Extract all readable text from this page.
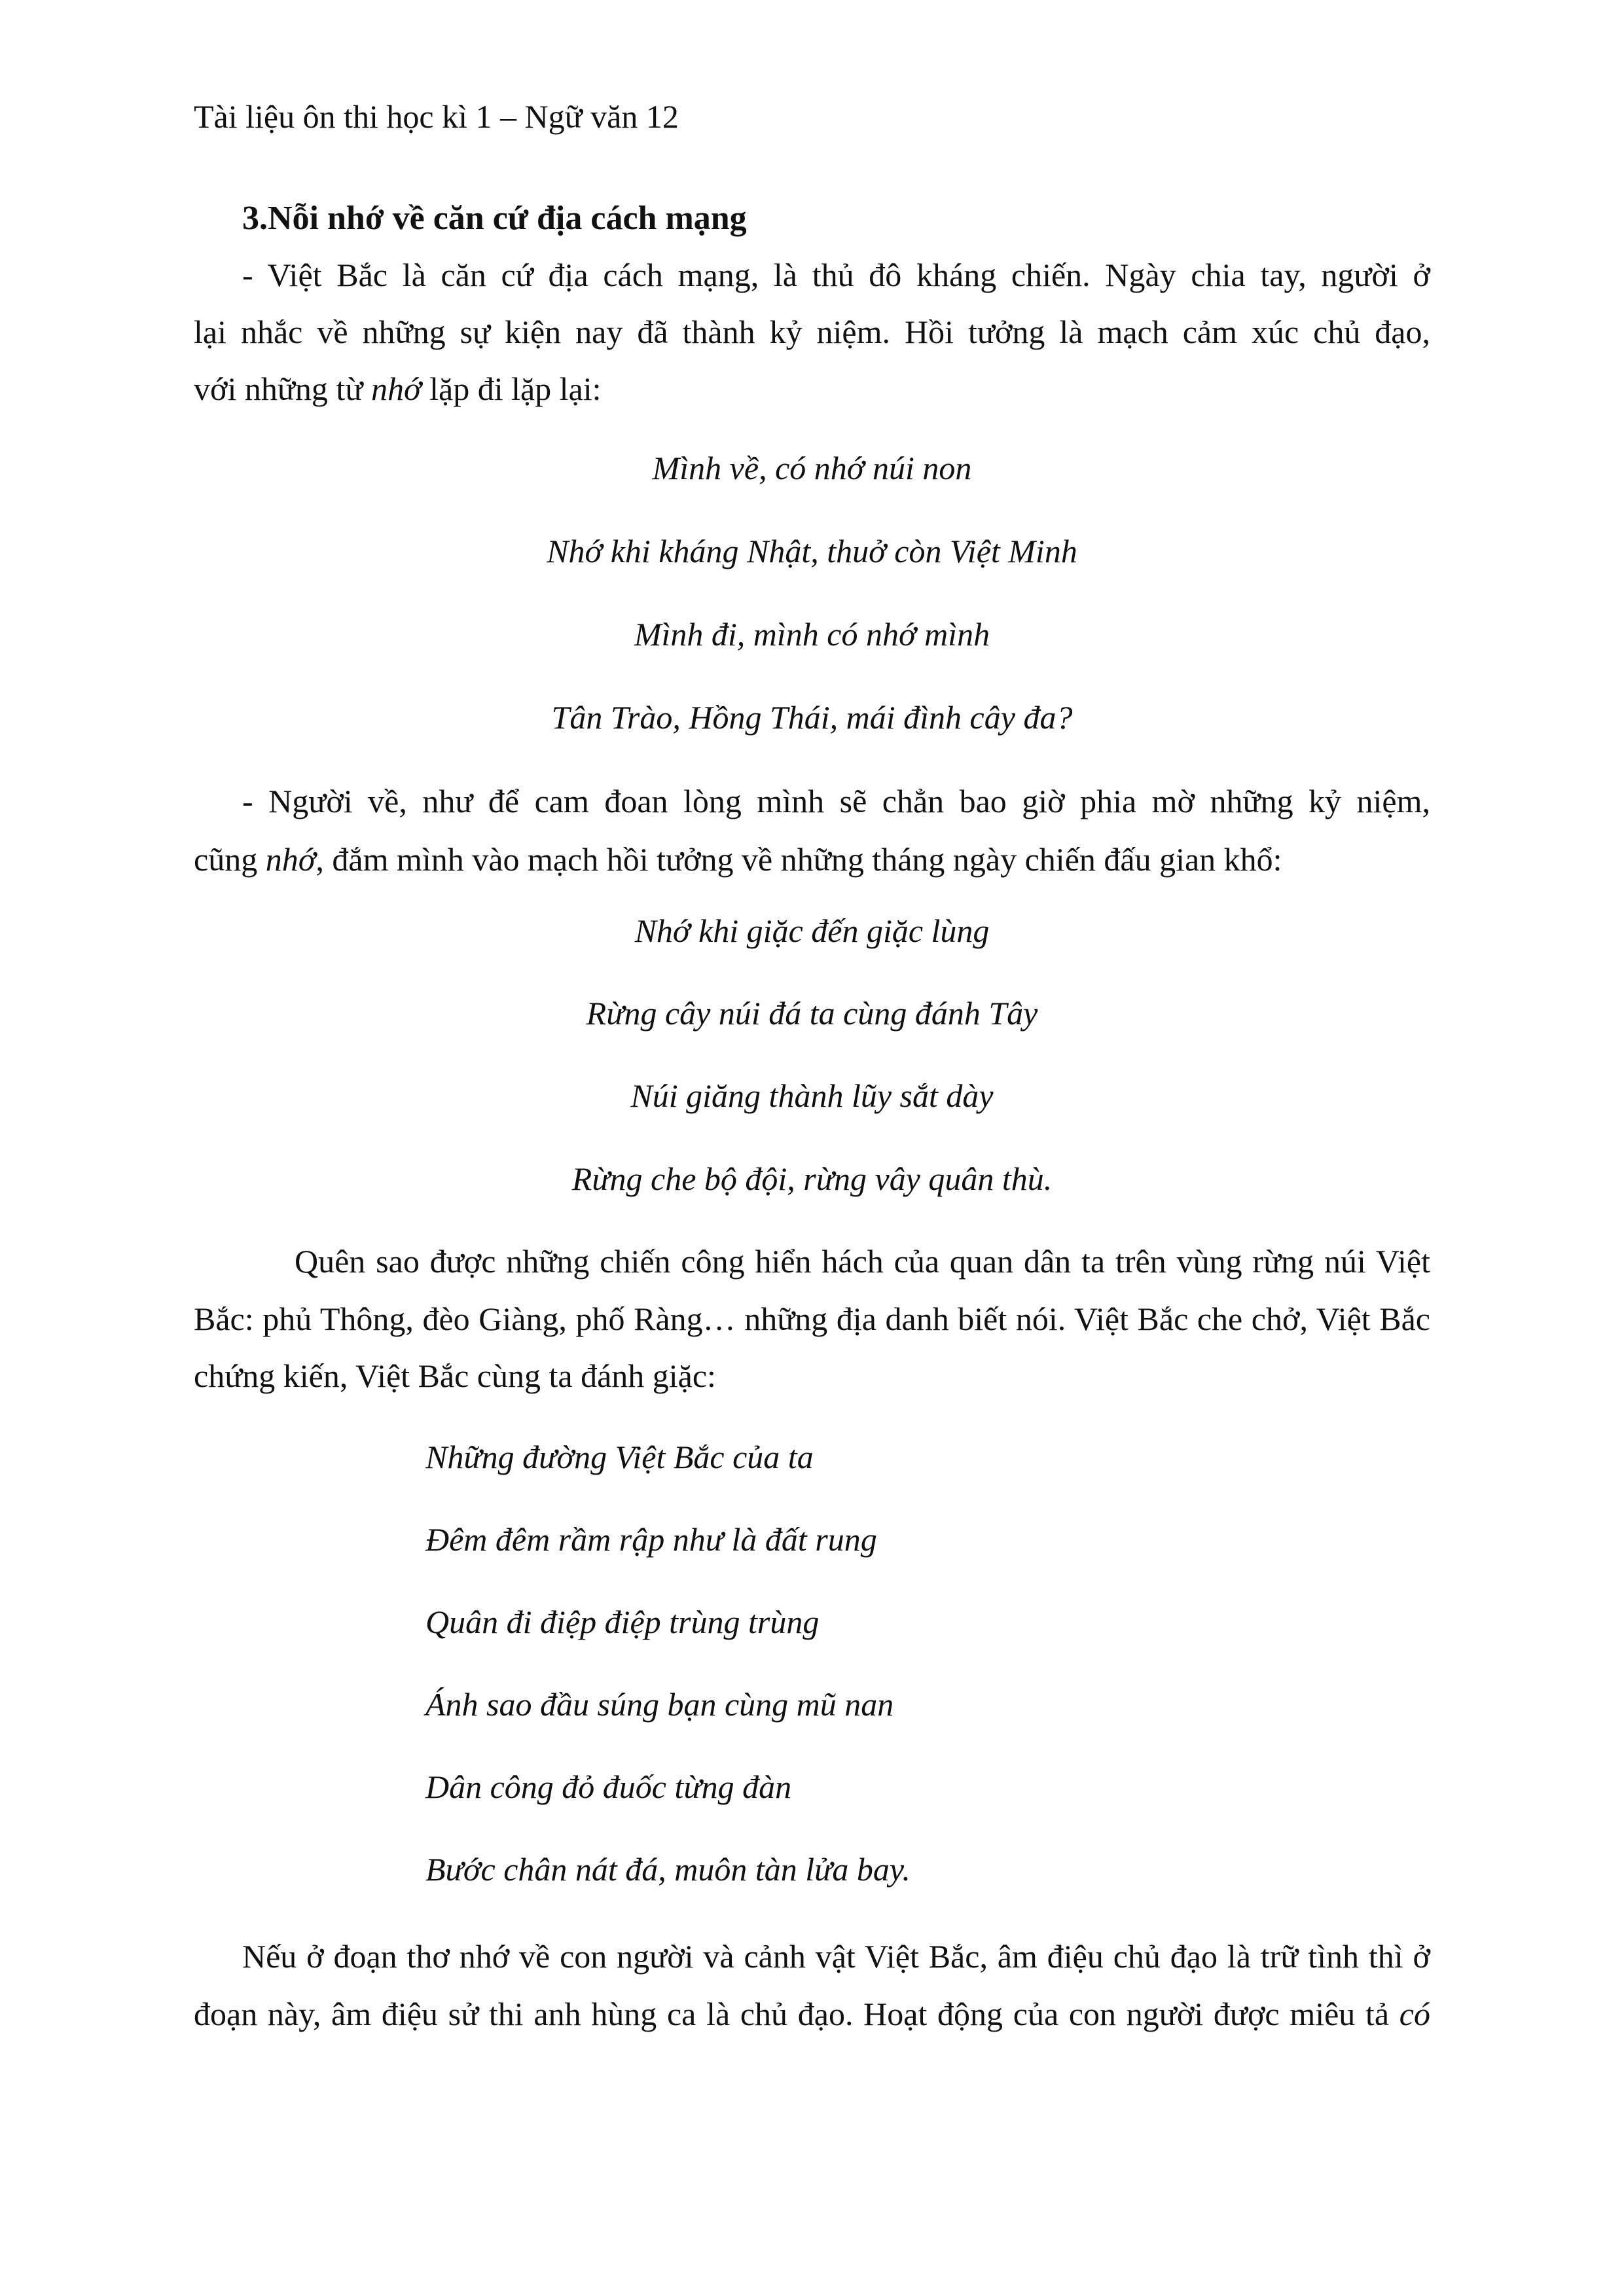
Tài liệu ôn thi học kì 1 – Ngữ văn 12
3.Nỗi nhớ về căn cứ địa cách mạng
- Việt Bắc là căn cứ địa cách mạng, là thủ đô kháng chiến. Ngày chia tay, người ở
lại nhắc về những sự kiện nay đã thành kỷ niệm. Hồi tưởng là mạch cảm xúc chủ đạo,
với những từ nhớ lặp đi lặp lại:
Mình về, có nhớ núi non
Nhớ khi kháng Nhật, thuở còn Việt Minh
Mình đi, mình có nhớ mình
Tân Trào, Hồng Thái, mái đình cây đa?
- Người về, như để cam đoan lòng mình sẽ chẳn bao giờ phia mờ những kỷ niệm,
cũng nhớ, đắm mình vào mạch hồi tưởng về những tháng ngày chiến đấu gian khổ:
Nhớ khi giặc đến giặc lùng
Rừng cây núi đá ta cùng đánh Tây
Núi giăng thành lũy sắt dày
Rừng che bộ đội, rừng vây quân thù.
Quên sao được những chiến công hiển hách của quan dân ta trên vùng rừng núi Việt
Bắc: phủ Thông, đèo Giàng, phố Ràng… những địa danh biết nói. Việt Bắc che chở, Việt Bắc
chứng kiến, Việt Bắc cùng ta đánh giặc:
Những đường Việt Bắc của ta
Đêm đêm rầm rập như là đất rung
Quân đi điệp điệp trùng trùng
Ánh sao đầu súng bạn cùng mũ nan
Dân công đỏ đuốc từng đàn
Bước chân nát đá, muôn tàn lửa bay.
Nếu ở đoạn thơ nhớ về con người và cảnh vật Việt Bắc, âm điệu chủ đạo là trữ tình thì ở
đoạn này, âm điệu sử thi anh hùng ca là chủ đạo. Hoạt động của con người được miêu tả có
